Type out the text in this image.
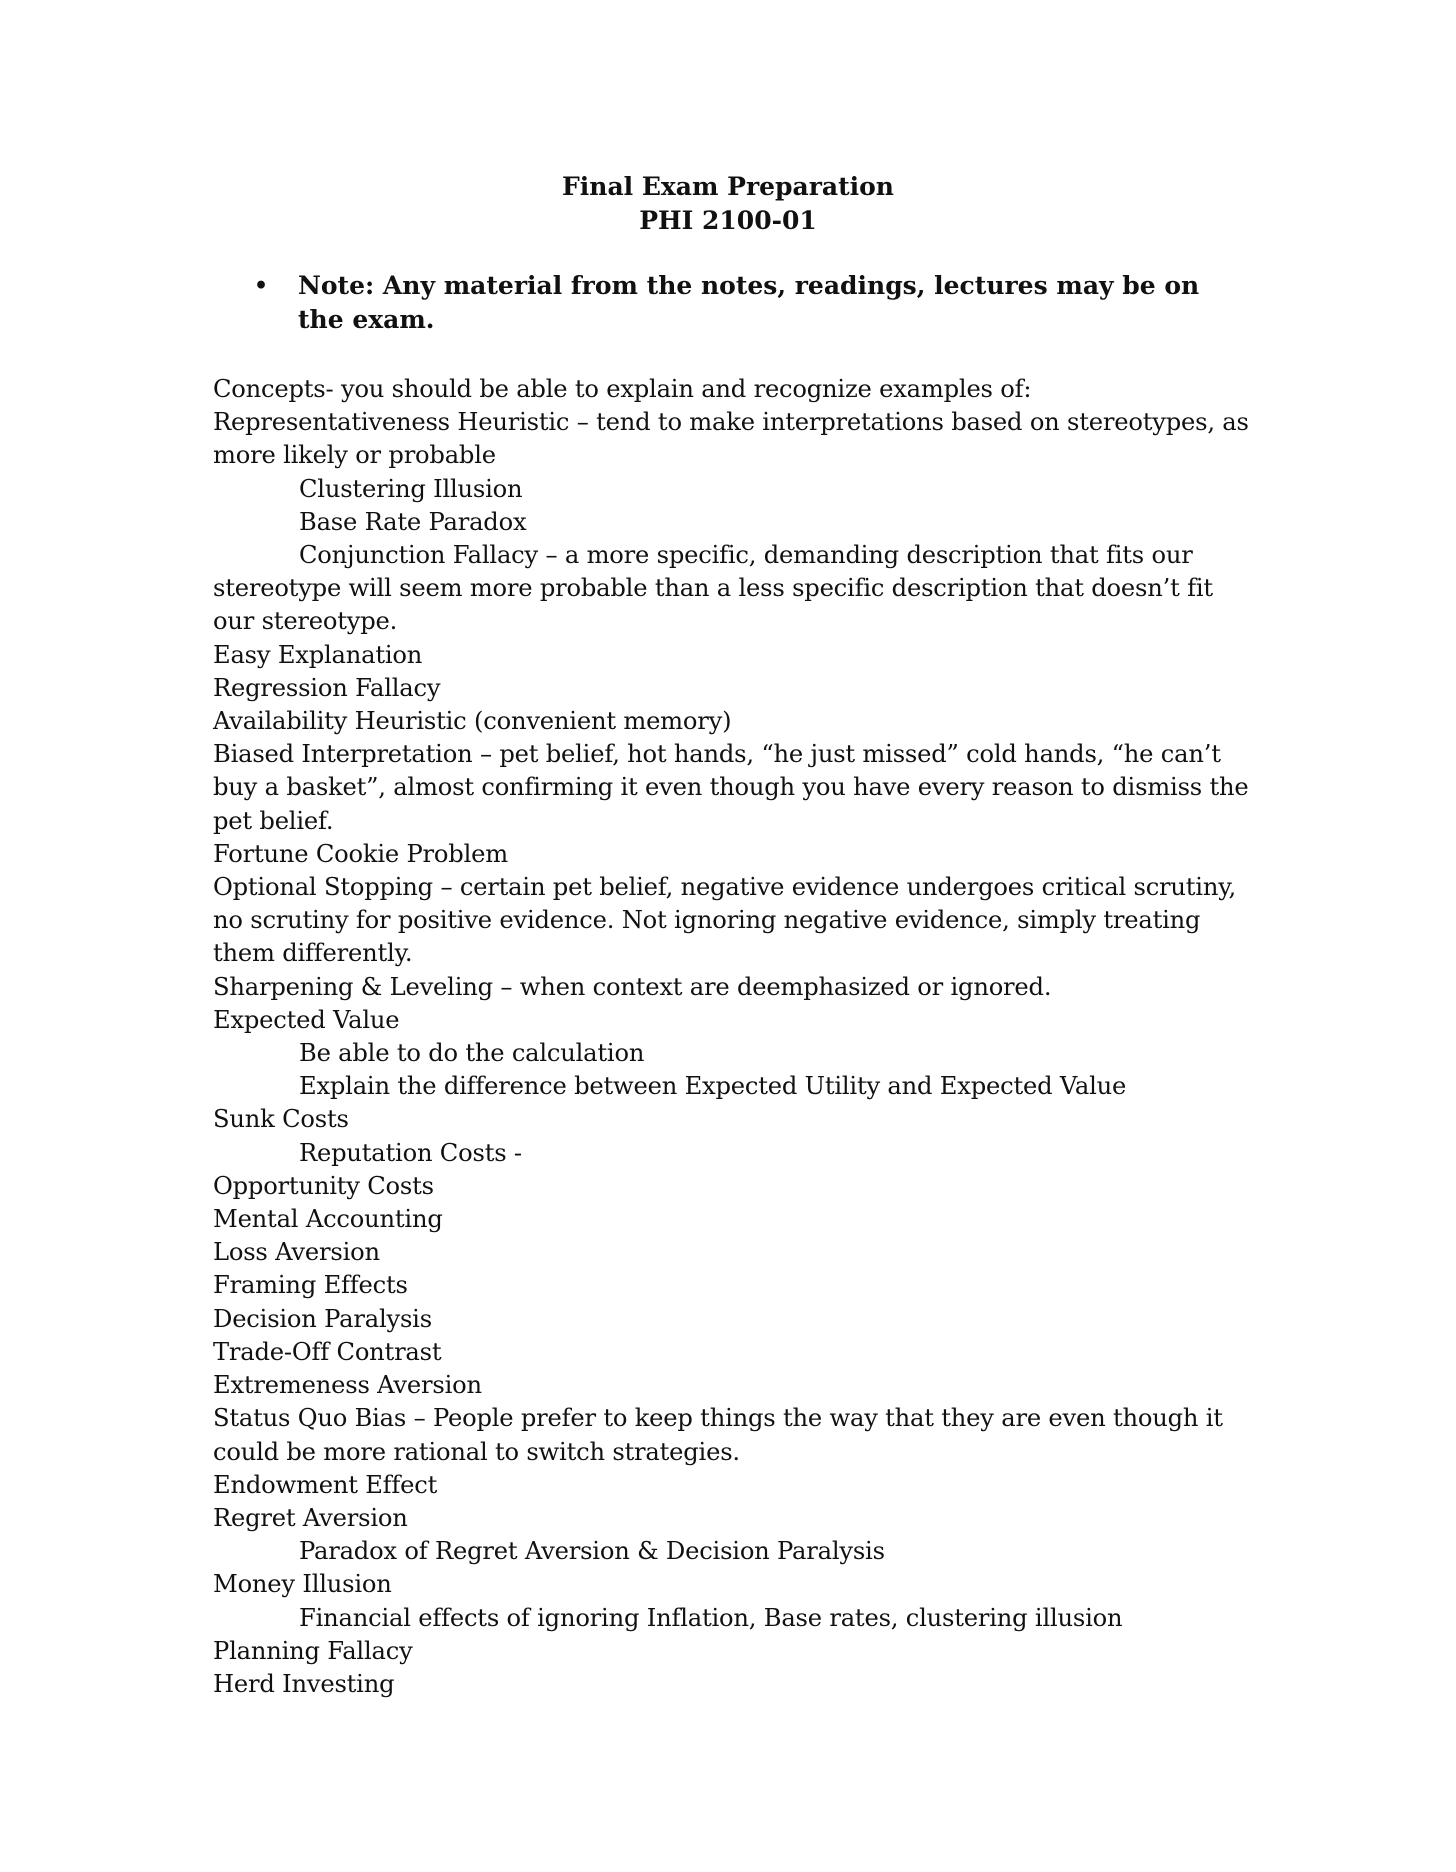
Final Exam Preparation
PHI 2100-01
•	Note: Any material from the notes, readings, lectures may be on the exam.

Concepts- you should be able to explain and recognize examples of:

Representativeness Heuristic – tend to make interpretations based on stereotypes, as more likely or probable

Clustering Illusion

Base Rate Paradox

Conjunction Fallacy – a more specific, demanding description that fits our stereotype will seem more probable than a less specific description that doesn’t fit our stereotype.

Easy Explanation

Regression Fallacy

Availability Heuristic (convenient memory)

Biased Interpretation – pet belief, hot hands, “he just missed” cold hands, “he can’t buy a basket”, almost confirming it even though you have every reason to dismiss the pet belief.

Fortune Cookie Problem

Optional Stopping – certain pet belief, negative evidence undergoes critical scrutiny, no scrutiny for positive evidence. Not ignoring negative evidence, simply treating them differently.

Sharpening & Leveling – when context are deemphasized or ignored.

Expected Value

Be able to do the calculation

Explain the difference between Expected Utility and Expected Value

Sunk Costs

Reputation Costs -

Opportunity Costs

Mental Accounting

Loss Aversion

Framing Effects

Decision Paralysis

Trade-Off Contrast

Extremeness Aversion

Status Quo Bias – People prefer to keep things the way that they are even though it could be more rational to switch strategies.

Endowment Effect

Regret Aversion

Paradox of Regret Aversion & Decision Paralysis

Money Illusion

Financial effects of ignoring Inflation, Base rates, clustering illusion

Planning Fallacy

Herd Investing
